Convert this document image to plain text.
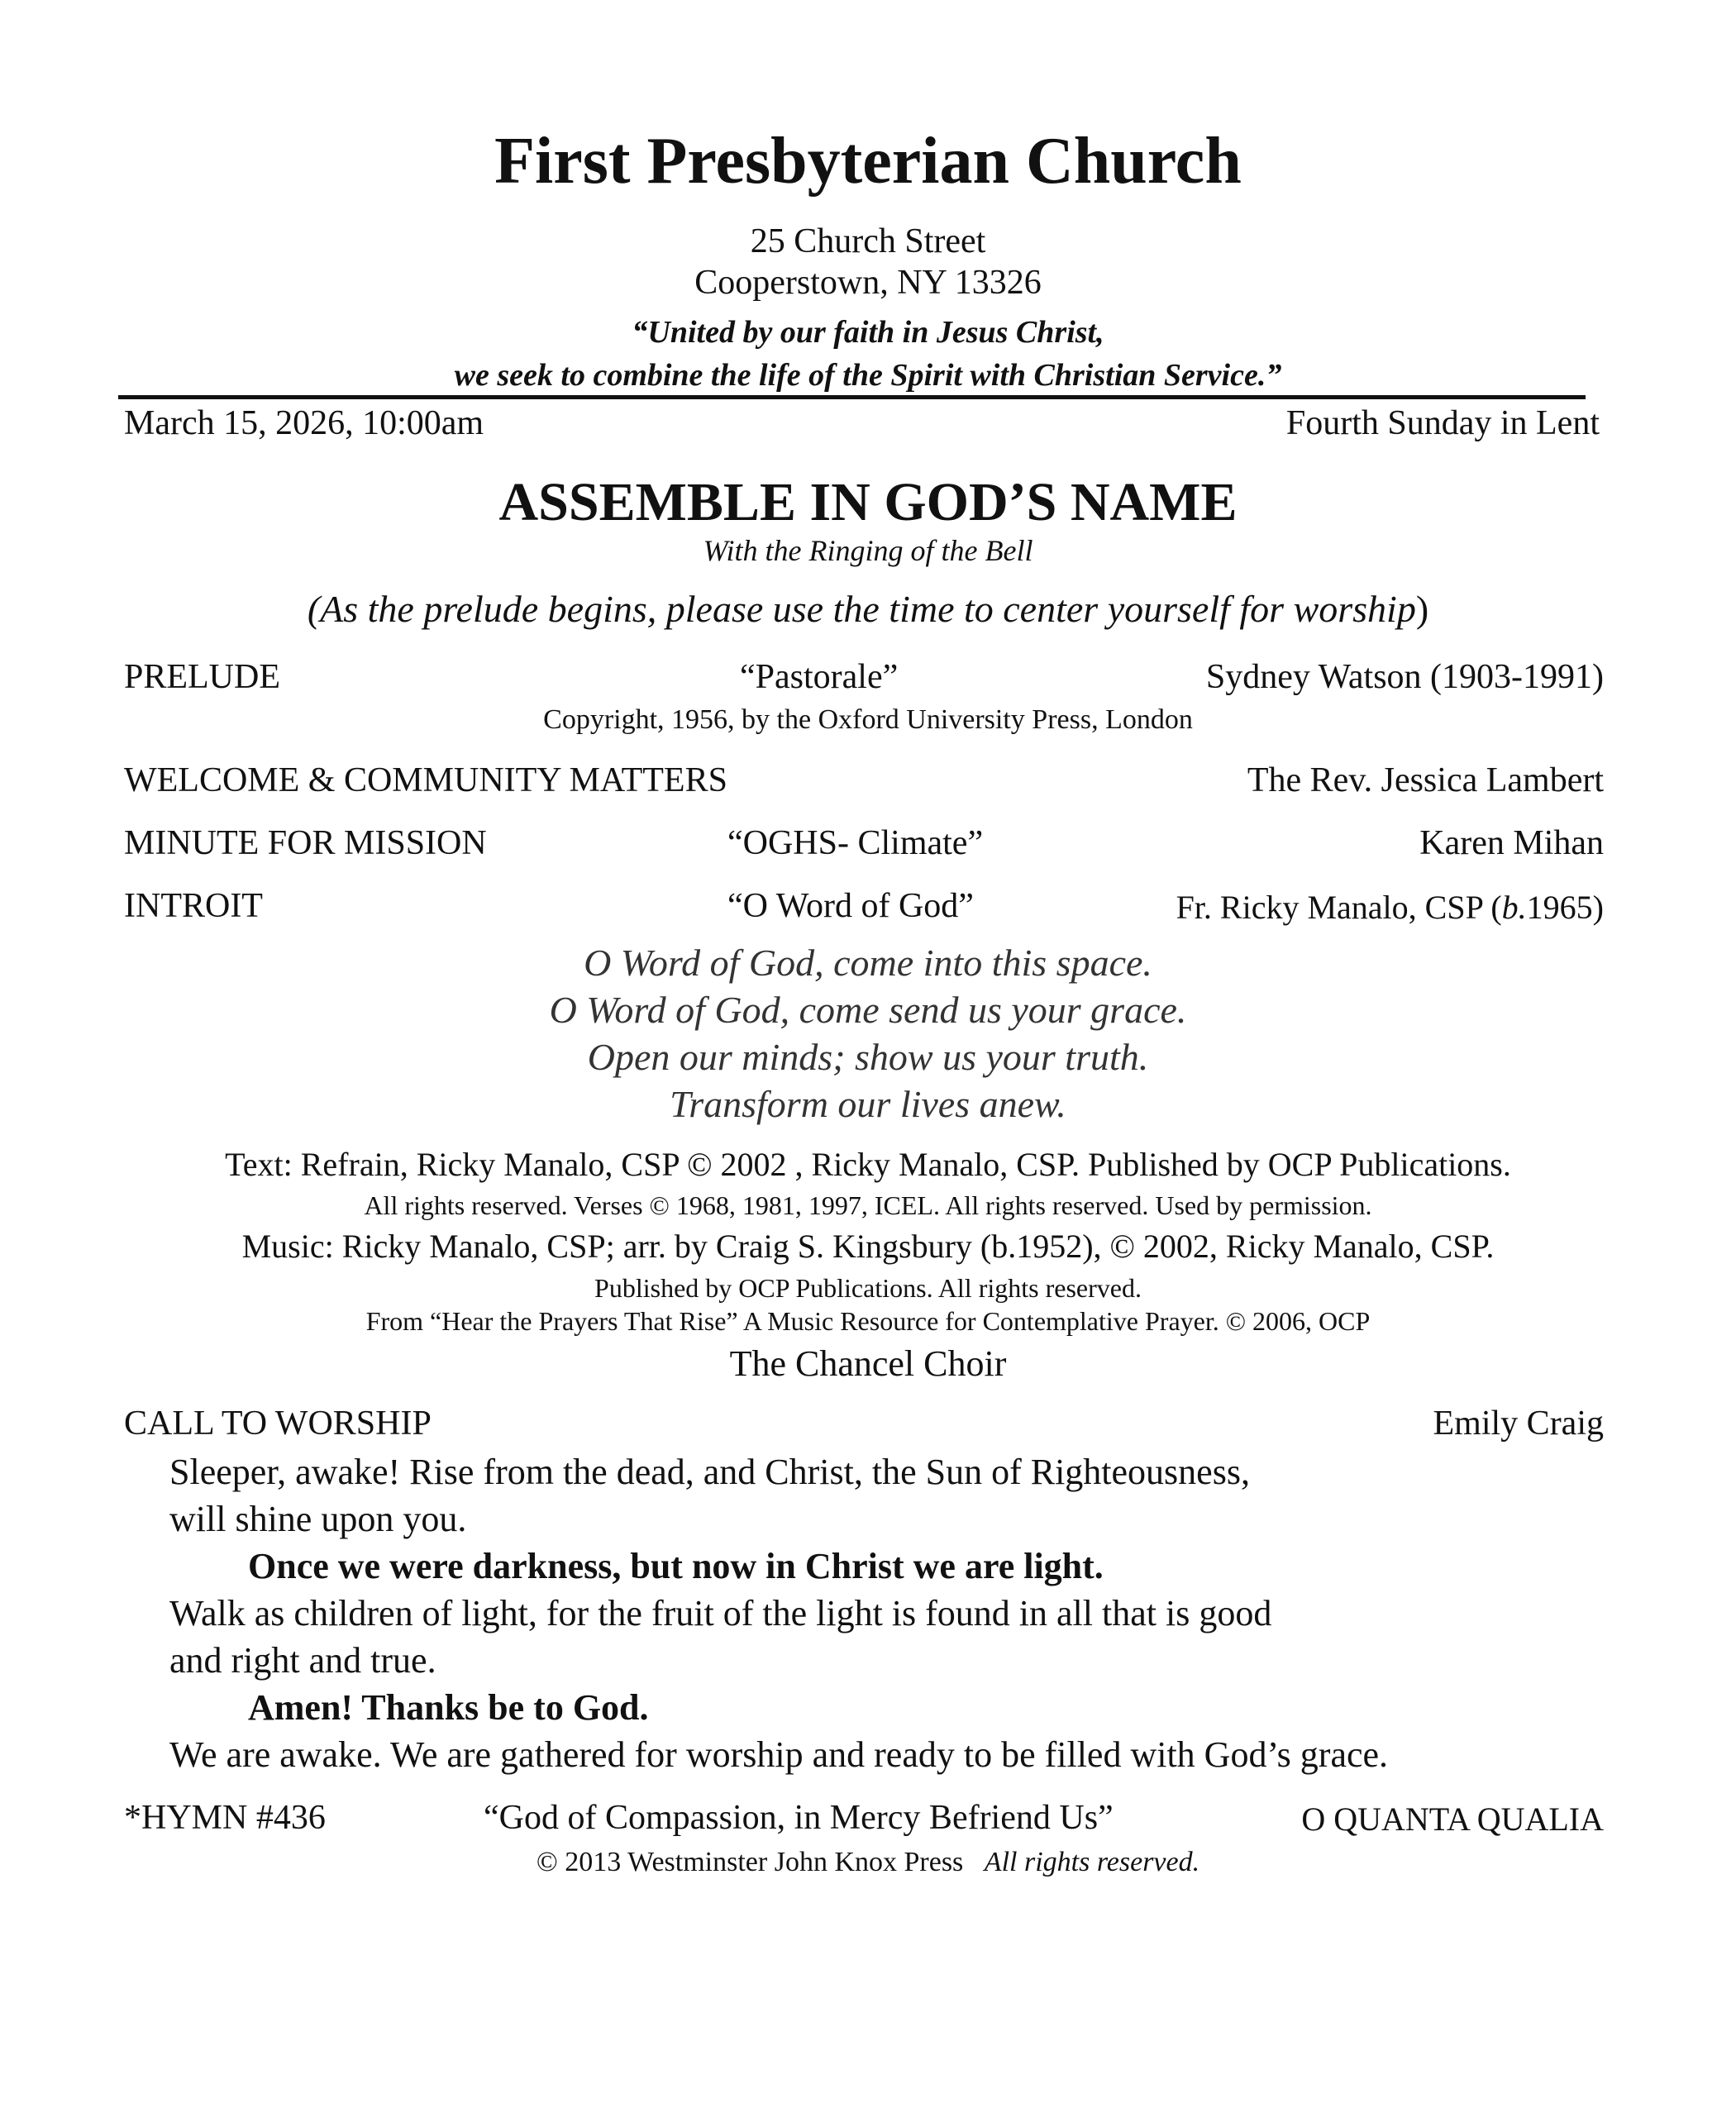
First Presbyterian Church
25 Church Street
Cooperstown, NY 13326
“United by our faith in Jesus Christ,
we seek to combine the life of the Spirit with Christian Service.”
March 15, 2026, 10:00am	Fourth Sunday in Lent
ASSEMBLE IN GOD’S NAME
With the Ringing of the Bell
(As the prelude begins, please use the time to center yourself for worship)
PRELUDE	“Pastorale”	Sydney Watson (1903-1991)
Copyright, 1956, by the Oxford University Press, London
WELCOME & COMMUNITY MATTERS	The Rev. Jessica Lambert
MINUTE FOR MISSION	“OGHS- Climate”	Karen Mihan
INTROIT	“O Word of God”	Fr. Ricky Manalo, CSP (b.1965)
O Word of God, come into this space.
O Word of God, come send us your grace.
Open our minds; show us your truth.
Transform our lives anew.
Text: Refrain, Ricky Manalo, CSP © 2002 , Ricky Manalo, CSP. Published by OCP Publications.
All rights reserved. Verses © 1968, 1981, 1997, ICEL. All rights reserved. Used by permission.
Music: Ricky Manalo, CSP; arr. by Craig S. Kingsbury (b.1952), © 2002, Ricky Manalo, CSP.
Published by OCP Publications. All rights reserved.
From “Hear the Prayers That Rise” A Music Resource for Contemplative Prayer. © 2006, OCP
The Chancel Choir
CALL TO WORSHIP	Emily Craig
Sleeper, awake! Rise from the dead, and Christ, the Sun of Righteousness,
will shine upon you.
Once we were darkness, but now in Christ we are light.
Walk as children of light, for the fruit of the light is found in all that is good
and right and true.
Amen! Thanks be to God.
We are awake. We are gathered for worship and ready to be filled with God’s grace.
*HYMN #436	“God of Compassion, in Mercy Befriend Us”	O QUANTA QUALIA
© 2013 Westminster John Knox Press All rights reserved.
